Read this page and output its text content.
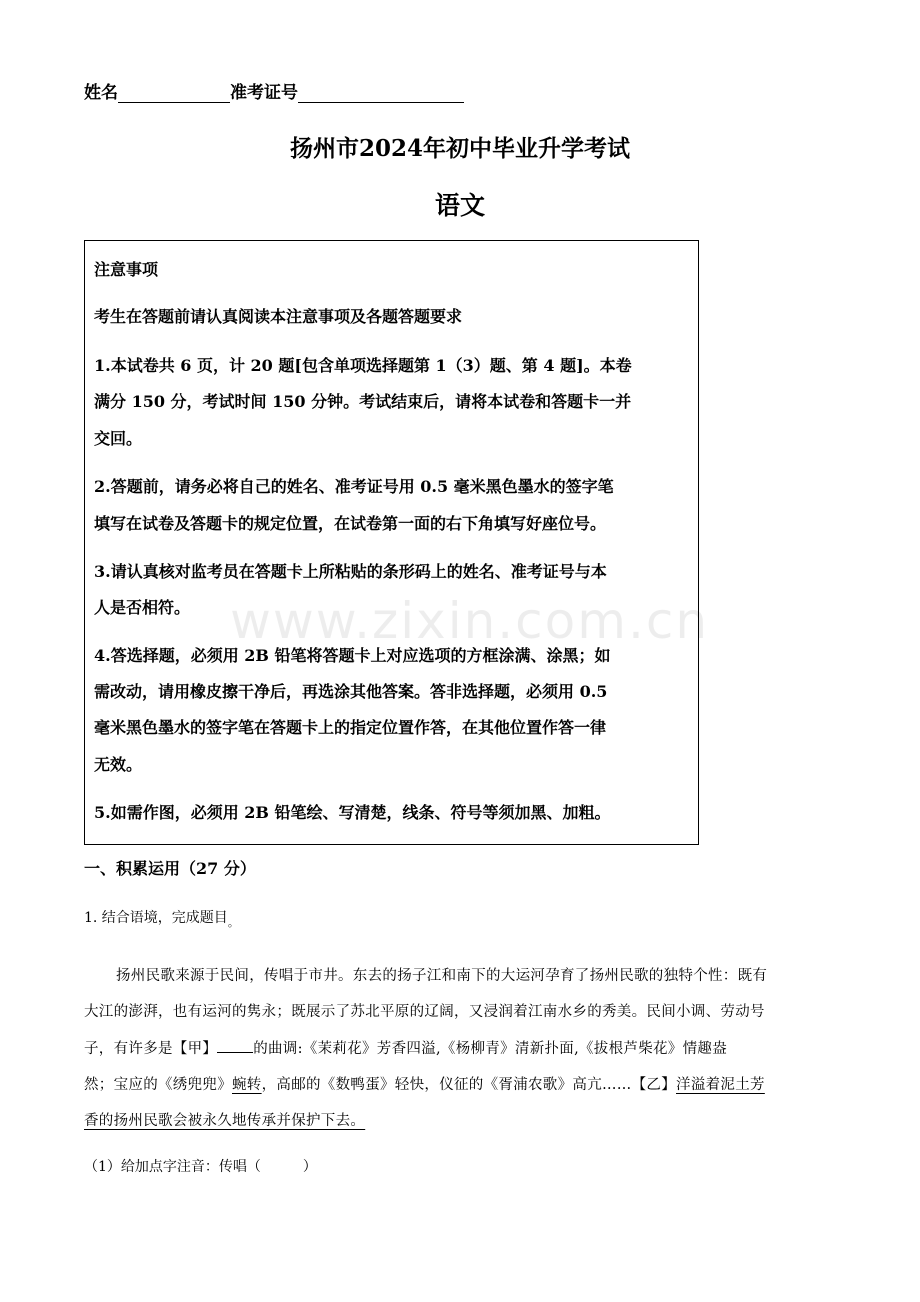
姓名	准考证号
扬州市2024年初中毕业升学考试
语文
www.zixin.com.cn
注意事项
考生在答题前请认真阅读本注意事项及各题答题要求
1.本试卷共 6 页，计 20 题[包含单项选择题第 1（3）题、第 4 题]。本卷
满分 150 分，考试时间 150 分钟。考试结束后，请将本试卷和答题卡一并
交回。
2.答题前，请务必将自己的姓名、准考证号用 0.5 毫米黑色墨水的签字笔
填写在试卷及答题卡的规定位置，在试卷第一面的右下角填写好座位号。
3.请认真核对监考员在答题卡上所粘贴的条形码上的姓名、准考证号与本
人是否相符。
4.答选择题，必须用 2B 铅笔将答题卡上对应选项的方框涂满、涂黑；如
需改动，请用橡皮擦干净后，再选涂其他答案。答非选择题，必须用 0.5
毫米黑色墨水的签字笔在答题卡上的指定位置作答，在其他位置作答一律
无效。
5.如需作图，必须用 2B 铅笔绘、写清楚，线条、符号等须加黑、加粗。
一、积累运用（27 分）
1. 结合语境，完成题目$_。$
扬州民歌来源于民间，传唱于市井。东去的扬子江和南下的大运河孕育了扬州民歌的独特个性：既有
大江的澎湃，也有运河的隽永；既展示了苏北平原的辽阔，又浸润着江南水乡的秀美。民间小调、劳动号
子，有许多是【甲】 的曲调:《茉莉花》芳香四溢,《杨柳青》清新扑面,《拔根芦柴花》情趣盎
然；宝应的《绣兜兜》蜿转，高邮的《数鸭蛋》轻快，仪征的《胥浦农歌》高亢……【乙】洋溢着泥土芳
香的扬州民歌会被永久地传承并保护下去。
（1）给加点字注音：传唱（　　　）
